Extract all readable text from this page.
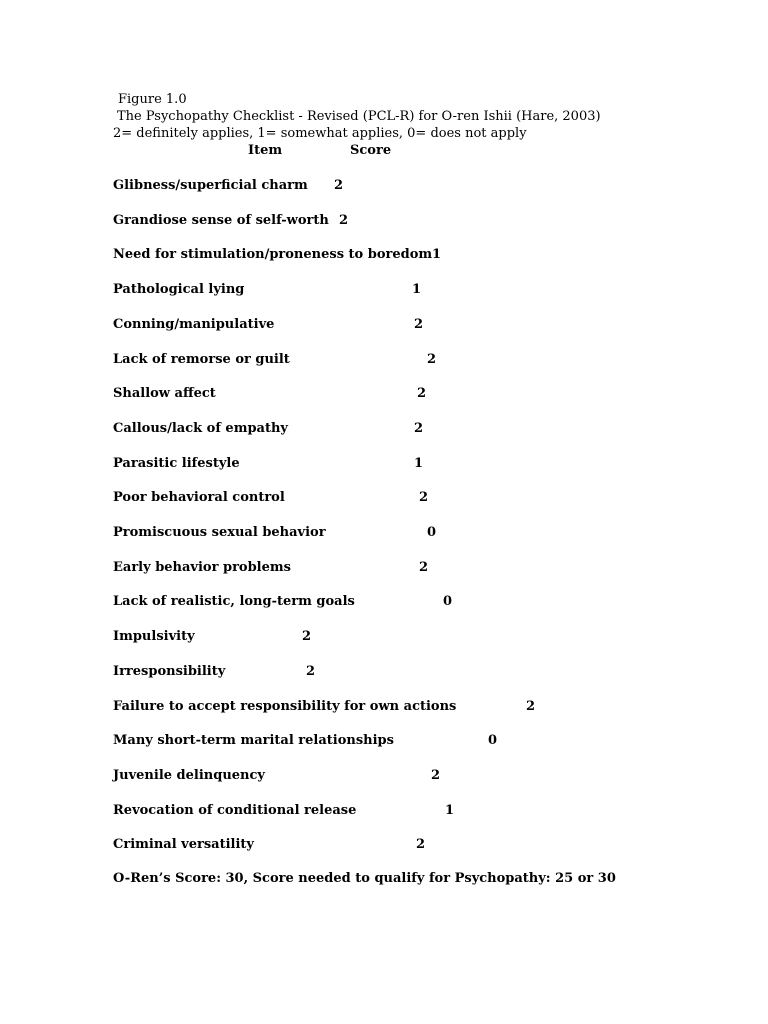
Figure 1.0
The Psychopathy Checklist - Revised (PCL-R) for O-ren Ishii (Hare, 2003)
2= definitely applies, 1= somewhat applies, 0= does not apply
Item	Score
Glibness/superficial charm 2
Grandiose sense of self-worth 2
Need for stimulation/proneness to boredom 1
Pathological lying	1
Conning/manipulative	2
Lack of remorse or guilt	2
Shallow affect	2
Callous/lack of empathy	2
Parasitic lifestyle	1
Poor behavioral control	2
Promiscuous sexual behavior	0
Early behavior problems	2
Lack of realistic, long-term goals	0
Impulsivity	2
Irresponsibility	2
Failure to accept responsibility for own actions	2
Many short-term marital relationships	0
Juvenile delinquency	2
Revocation of conditional release	1
Criminal versatility	2
O-Ren’s Score: 30, Score needed to qualify for Psychopathy: 25 or 30
